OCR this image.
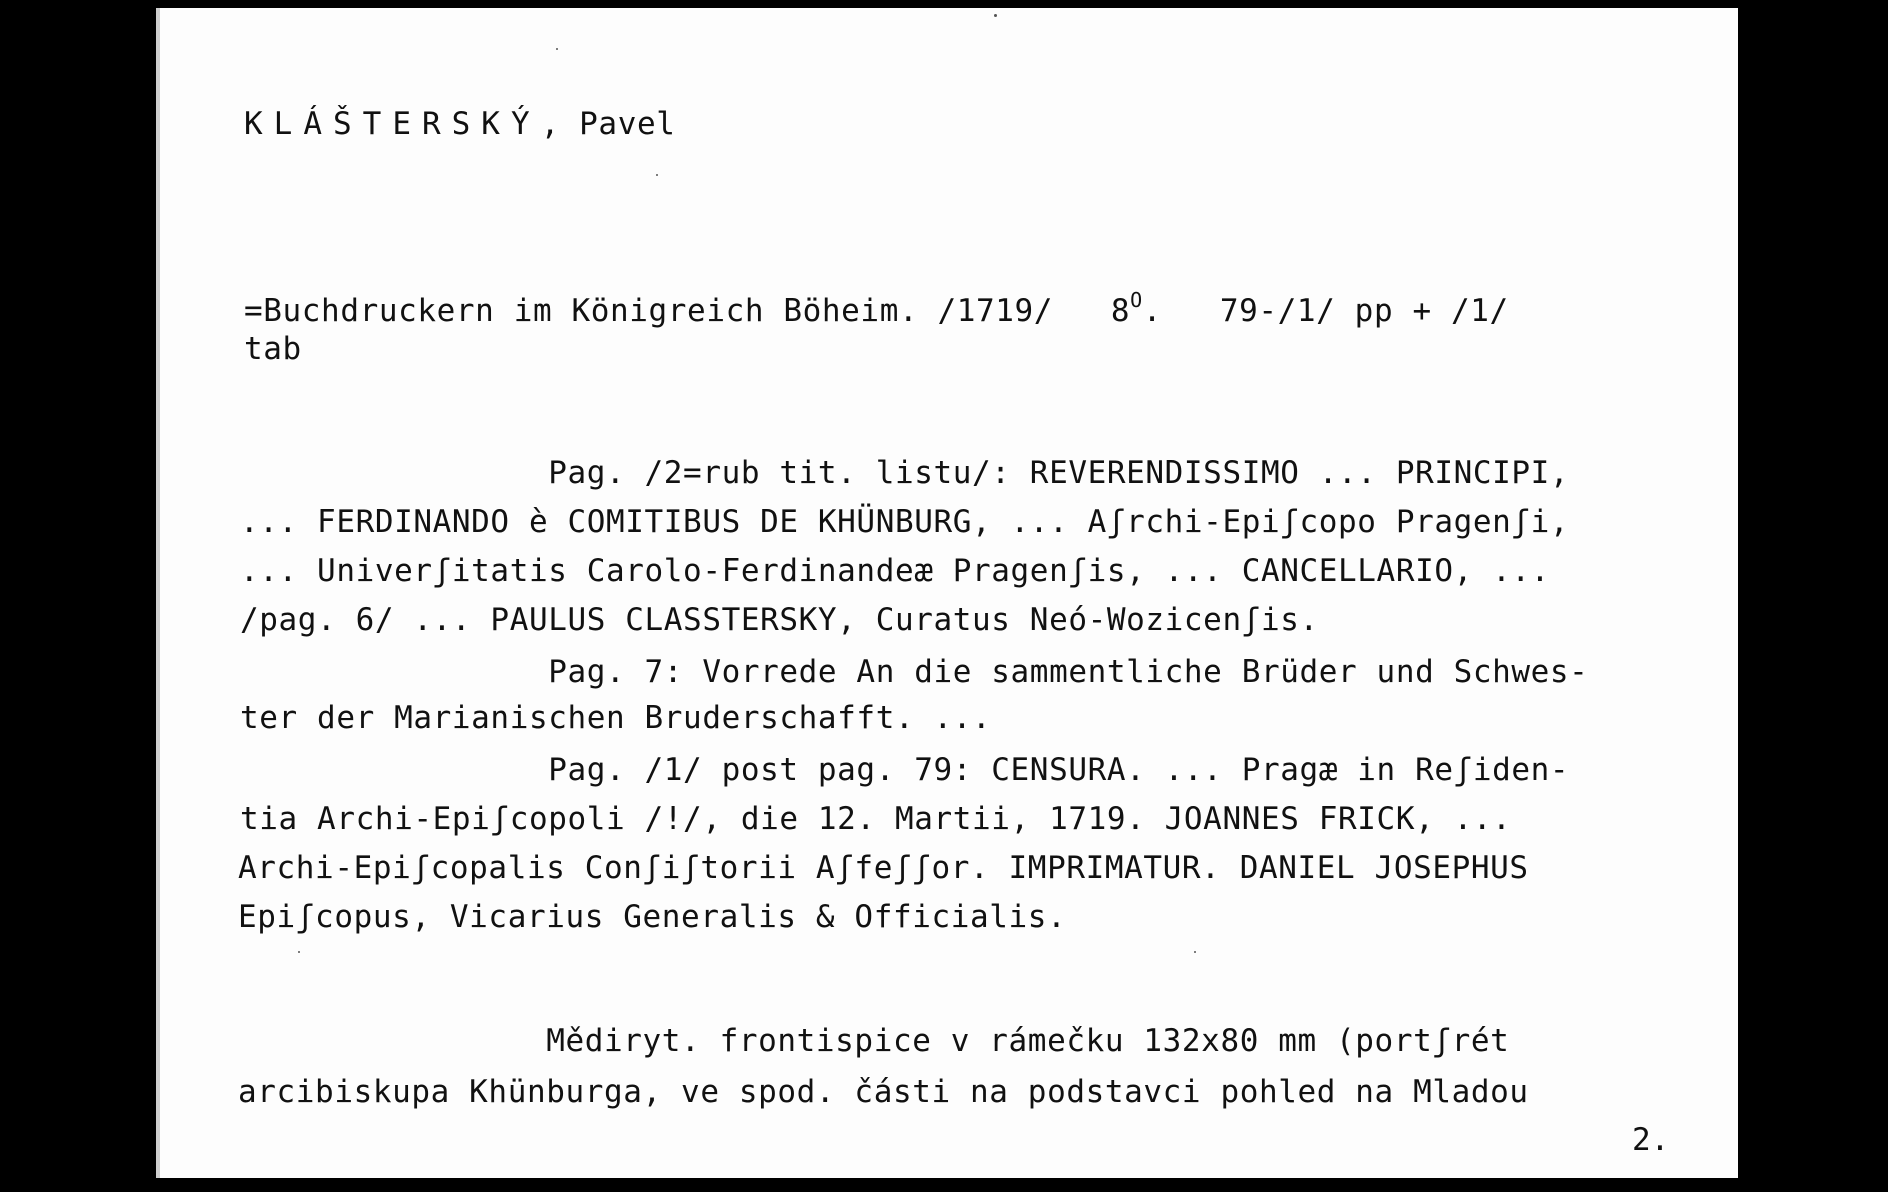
KLÁŠTERSKÝ, Pavel
=Buchdruckern im Königreich Böheim. /1719/   $8^O$.   79-/1/ pp + /1/
tab
Pag. /2=rub tit. listu/: REVERENDISSIMO ... PRINCIPI,
... FERDINANDO è COMITIBUS DE KHÜNBURG, ... Aʃrchi-Epiʃcopo Pragenʃi,
... Univerʃitatis Carolo-Ferdinandeæ Pragenʃis, ... CANCELLARIO, ...
/pag. 6/ ... PAULUS CLASSTERSKY, Curatus Neó-Wozicenʃis.
Pag. 7: Vorrede An die sammentliche Brüder und Schwes-
ter der Marianischen Bruderschafft. ...
Pag. /1/ post pag. 79: CENSURA. ... Pragæ in Reʃiden-
tia Archi-Epiʃcopoli /!/, die 12. Martii, 1719. JOANNES FRICK, ...
Archi-Epiʃcopalis Conʃiʃtorii Aʃfeʃʃor. IMPRIMATUR. DANIEL JOSEPHUS
Epiʃcopus, Vicarius Generalis & Officialis.
Mědiryt. frontispice v rámečku 132x80 mm (portʃrét
arcibiskupa Khünburga, ve spod. části na podstavci pohled na Mladou
2.
